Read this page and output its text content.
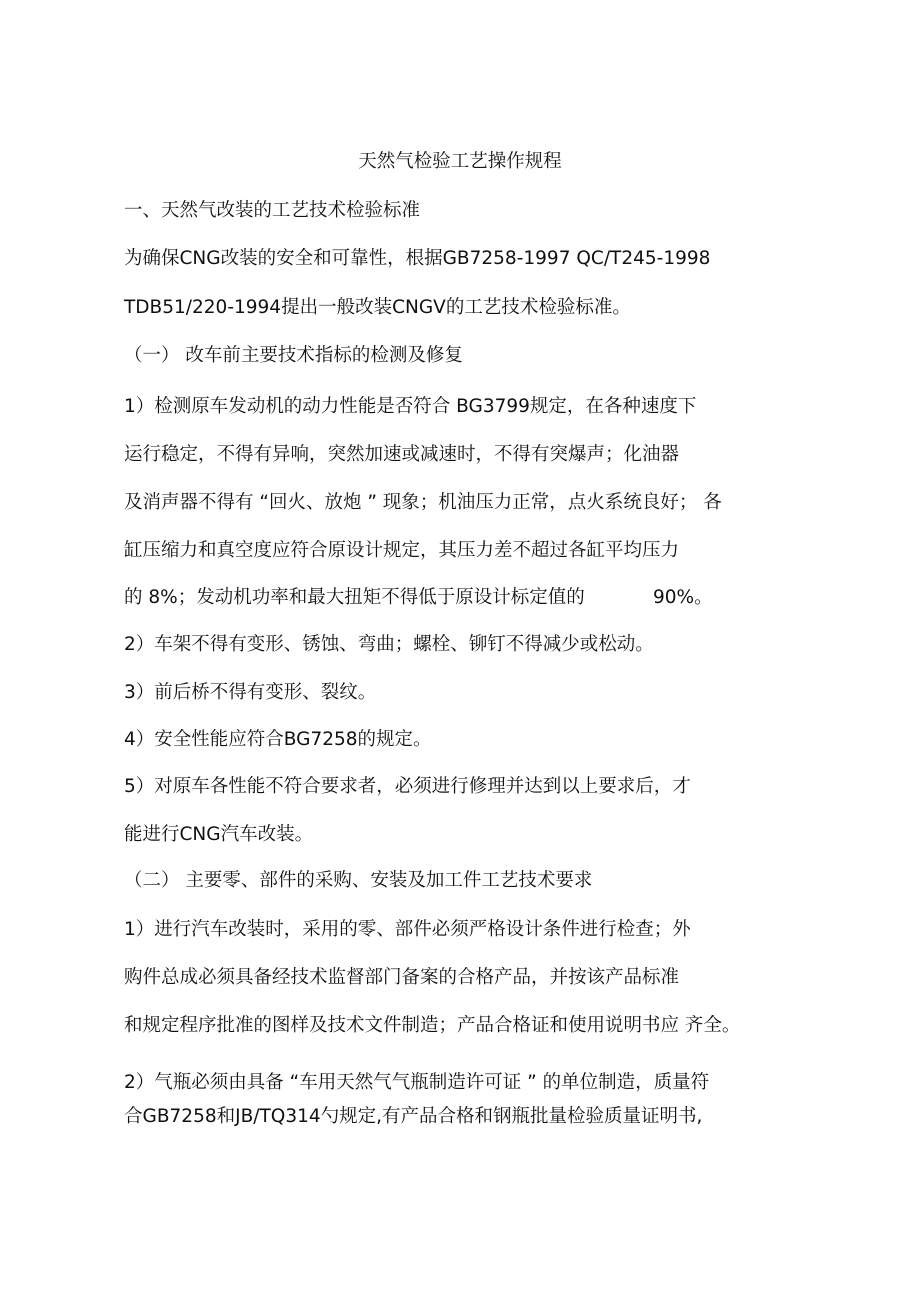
天然气检验工艺操作规程
一、天然气改装的工艺技术检验标准
为确保CNG改装的安全和可靠性，根据GB7258-1997 QC/T245-1998
TDB51/220-1994提出一般改装CNGV的工艺技术检验标准。
（一） 改车前主要技术指标的检测及修复
1）检测原车发动机的动力性能是否符合 BG3799规定，在各种速度下
运行稳定，不得有异响，突然加速或减速时，不得有突爆声；化油器
及消声器不得有 “回火、放炮 ” 现象；机油压力正常，点火系统良好； 各
缸压缩力和真空度应符合原设计规定，其压力差不超过各缸平均压力
的 8%；发动机功率和最大扭矩不得低于原设计标定值的	90%。
2）车架不得有变形、锈蚀、弯曲；螺栓、铆钉不得减少或松动。
3）前后桥不得有变形、裂纹。
4）安全性能应符合BG7258的规定。
5）对原车各性能不符合要求者，必须进行修理并达到以上要求后，才
能进行CNG汽车改装。
（二） 主要零、部件的采购、安装及加工件工艺技术要求
1）进行汽车改装时，采用的零、部件必须严格设计条件进行检查；外
购件总成必须具备经技术监督部门备案的合格产品，并按该产品标准
和规定程序批准的图样及技术文件制造；产品合格证和使用说明书应 齐全。
2）气瓶必须由具备 “车用天然气气瓶制造许可证 ” 的单位制造，质量符
合GB7258和JB/TQ314勺规定,有产品合格和钢瓶批量检验质量证明书,
